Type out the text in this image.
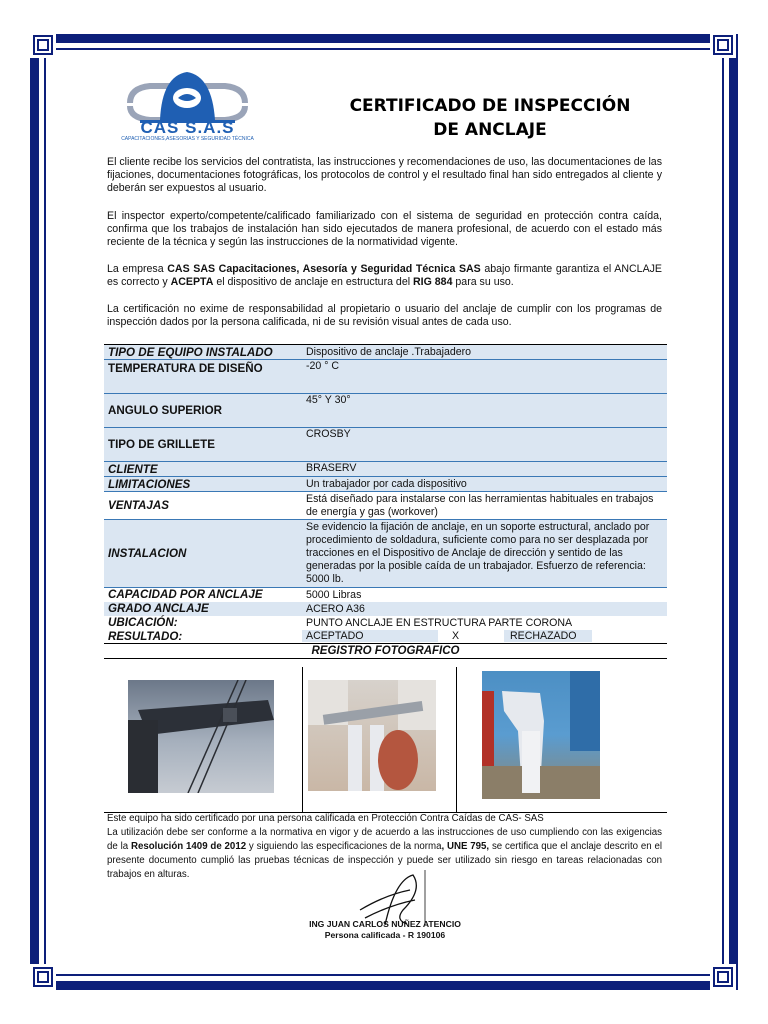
CAS S.A.S
CAPACITACIONES,ASESORIAS Y SEGURIDAD TÉCNICA
CERTIFICADO DE INSPECCIÓN
DE ANCLAJE
El cliente recibe los servicios del contratista, las instrucciones y recomendaciones de uso, las documentaciones de las fijaciones, documentaciones fotográficas, los protocolos de control y el resultado final han sido entregados al cliente y deberán ser expuestos al usuario.
El inspector experto/competente/calificado familiarizado con el sistema de seguridad en protección contra caída, confirma que los trabajos de instalación han sido ejecutados de manera profesional, de acuerdo con el estado más reciente de la técnica y según las instrucciones de la normatividad vigente.
La empresa CAS SAS Capacitaciones, Asesoría y Seguridad Técnica SAS abajo firmante garantiza el ANCLAJE es correcto y ACEPTA el dispositivo de anclaje en estructura del RIG 884 para su uso.
La certificación no exime de responsabilidad al propietario o usuario del anclaje de cumplir con los programas de inspección dados por la persona calificada, ni de su revisión visual antes de cada uso.
TIPO DE EQUIPO INSTALADO	Dispositivo de anclaje .Trabajadero
TEMPERATURA DE DISEÑO	-20 ° C
ANGULO SUPERIOR	45° Y 30°
TIPO DE GRILLETE	CROSBY
CLIENTE	BRASERV
LIMITACIONES	Un trabajador por cada dispositivo
VENTAJAS	Está diseñado para instalarse con las herramientas habituales en trabajos de energía y gas (workover)
INSTALACION	Se evidencio la fijación de anclaje, en un soporte estructural, anclado por procedimiento de soldadura, suficiente como para no ser desplazada por tracciones en el Dispositivo de Anclaje de dirección y sentido de las generadas por la posible caída de un trabajador. Esfuerzo de referencia: 5000 lb.
CAPACIDAD POR ANCLAJE	5000 Libras
GRADO ANCLAJE	ACERO A36
UBICACIÓN:	PUNTO ANCLAJE EN ESTRUCTURA PARTE CORONA
RESULTADO:	ACEPTADO X RECHAZADO

REGISTRO FOTOGRAFICO	
Este equipo ha sido certificado por una persona calificada en Protección Contra Caídas de CAS- SAS
La utilización debe ser conforme a la normativa en vigor y de acuerdo a las instrucciones de uso cumpliendo con las exigencias de la Resolución 1409 de 2012 y siguiendo las especificaciones de la norma, UNE 795, se certifica que el anclaje descrito en el presente documento cumplió las pruebas técnicas de inspección y puede ser utilizado sin riesgo en tareas relacionadas con trabajos en alturas.
ING JUAN CARLOS NUÑEZ ATENCIO
Persona calificada - R 190106
